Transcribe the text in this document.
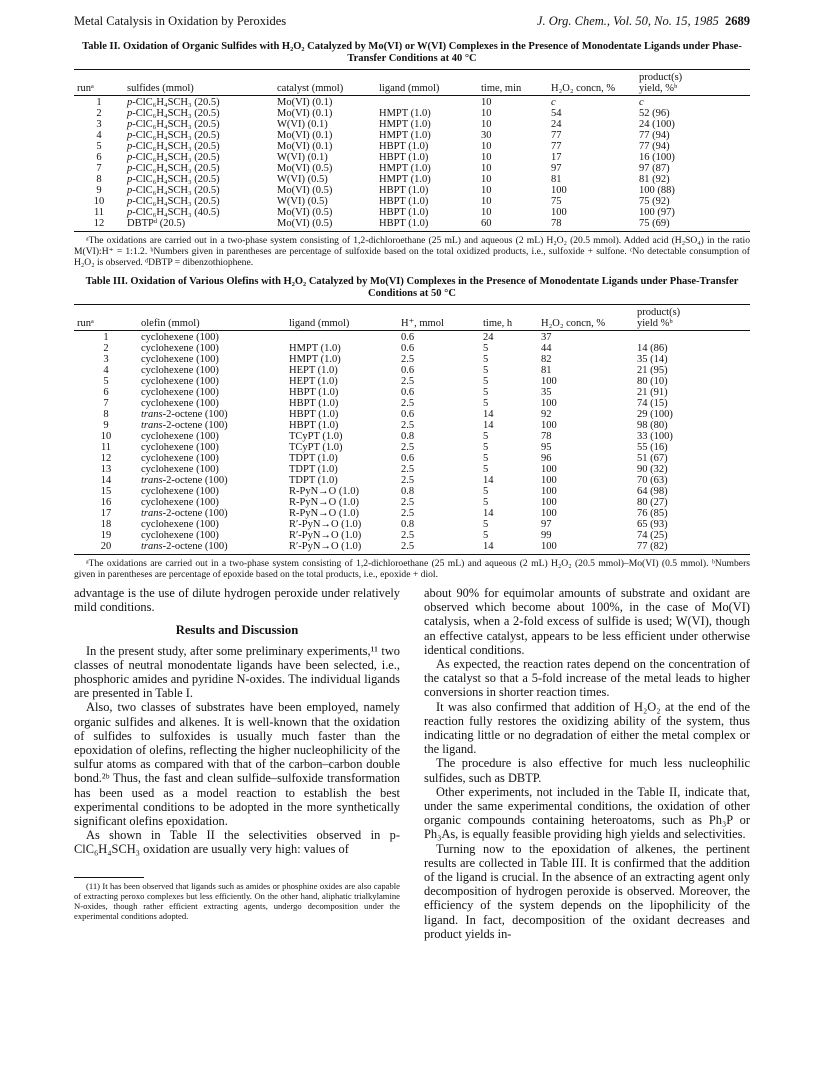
Metal Catalysis in Oxidation by Peroxides	J. Org. Chem., Vol. 50, No. 15, 1985 2689

Table II. Oxidation of Organic Sulfides with H₂O₂ Catalyzed by Mo(VI) or W(VI) Complexes in the Presence of Monodentate Ligands under Phase-Transfer Conditions at 40 °C

						product(s)
runᵃ	sulfides (mmol)	catalyst (mmol)	ligand (mmol)	time, min	H₂O₂ concn, %	yield, %ᵇ
1	p-ClC₆H₄SCH₃ (20.5)	Mo(VI) (0.1)		10	c	c
2	p-ClC₆H₄SCH₃ (20.5)	Mo(VI) (0.1)	HMPT (1.0)	10	54	52 (96)
3	p-ClC₆H₄SCH₃ (20.5)	W(VI) (0.1)	HMPT (1.0)	10	24	24 (100)
4	p-ClC₆H₄SCH₃ (20.5)	Mo(VI) (0.1)	HMPT (1.0)	30	77	77 (94)
5	p-ClC₆H₄SCH₃ (20.5)	Mo(VI) (0.1)	HBPT (1.0)	10	77	77 (94)
6	p-ClC₆H₄SCH₃ (20.5)	W(VI) (0.1)	HBPT (1.0)	10	17	16 (100)
7	p-ClC₆H₄SCH₃ (20.5)	Mo(VI) (0.5)	HMPT (1.0)	10	97	97 (87)
8	p-ClC₆H₄SCH₃ (20.5)	W(VI) (0.5)	HMPT (1.0)	10	81	81 (92)
9	p-ClC₆H₄SCH₃ (20.5)	Mo(VI) (0.5)	HBPT (1.0)	10	100	100 (88)
10	p-ClC₆H₄SCH₃ (20.5)	W(VI) (0.5)	HBPT (1.0)	10	75	75 (92)
11	p-ClC₆H₄SCH₃ (40.5)	Mo(VI) (0.5)	HBPT (1.0)	10	100	100 (97)
12	DBTPᵈ (20.5)	Mo(VI) (0.5)	HBPT (1.0)	60	78	75 (69)

ᵃThe oxidations are carried out in a two-phase system consisting of 1,2-dichloroethane (25 mL) and aqueous (2 mL) H₂O₂ (20.5 mmol). Added acid (H₂SO₄) in the ratio M(VI):H⁺ = 1:1.2. ᵇNumbers given in parentheses are percentage of sulfoxide based on the total oxidized products, i.e., sulfoxide + sulfone. ᶜNo detectable consumption of H₂O₂ is observed. ᵈDBTP = dibenzothiophene.

Table III. Oxidation of Various Olefins with H₂O₂ Catalyzed by Mo(VI) Complexes in the Presence of Monodentate Ligands under Phase-Transfer Conditions at 50 °C

						product(s)
runᵃ	olefin (mmol)	ligand (mmol)	H⁺, mmol	time, h	H₂O₂ concn, %	yield %ᵇ
1	cyclohexene (100)		0.6	24	37	
2	cyclohexene (100)	HMPT (1.0)	0.6	5	44	14 (86)
3	cyclohexene (100)	HMPT (1.0)	2.5	5	82	35 (14)
4	cyclohexene (100)	HEPT (1.0)	0.6	5	81	21 (95)
5	cyclohexene (100)	HEPT (1.0)	2.5	5	100	80 (10)
6	cyclohexene (100)	HBPT (1.0)	0.6	5	35	21 (91)
7	cyclohexene (100)	HBPT (1.0)	2.5	5	100	74 (15)
8	trans-2-octene (100)	HBPT (1.0)	0.6	14	92	29 (100)
9	trans-2-octene (100)	HBPT (1.0)	2.5	14	100	98 (80)
10	cyclohexene (100)	TCyPT (1.0)	0.8	5	78	33 (100)
11	cyclohexene (100)	TCyPT (1.0)	2.5	5	95	55 (16)
12	cyclohexene (100)	TDPT (1.0)	0.6	5	96	51 (67)
13	cyclohexene (100)	TDPT (1.0)	2.5	5	100	90 (32)
14	trans-2-octene (100)	TDPT (1.0)	2.5	14	100	70 (63)
15	cyclohexene (100)	R-PyN→O (1.0)	0.8	5	100	64 (98)
16	cyclohexene (100)	R-PyN→O (1.0)	2.5	5	100	80 (27)
17	trans-2-octene (100)	R-PyN→O (1.0)	2.5	14	100	76 (85)
18	cyclohexene (100)	R′-PyN→O (1.0)	0.8	5	97	65 (93)
19	cyclohexene (100)	R′-PyN→O (1.0)	2.5	5	99	74 (25)
20	trans-2-octene (100)	R′-PyN→O (1.0)	2.5	14	100	77 (82)

ᵃThe oxidations are carried out in a two-phase system consisting of 1,2-dichloroethane (25 mL) and aqueous (2 mL) H₂O₂ (20.5 mmol)–Mo(VI) (0.5 mmol). ᵇNumbers given in parentheses are percentage of epoxide based on the total products, i.e., epoxide + diol.

advantage is the use of dilute hydrogen peroxide under relatively mild conditions.

Results and Discussion

In the present study, after some preliminary experiments,¹¹ two classes of neutral monodentate ligands have been selected, i.e., phosphoric amides and pyridine N-oxides. The individual ligands are presented in Table I.

Also, two classes of substrates have been employed, namely organic sulfides and alkenes. It is well-known that the oxidation of sulfides to sulfoxides is usually much faster than the epoxidation of olefins, reflecting the higher nucleophilicity of the sulfur atoms as compared with that of the carbon–carbon double bond.²ᵇ Thus, the fast and clean sulfide–sulfoxide transformation has been used as a model reaction to establish the best experimental conditions to be adopted in the more synthetically significant olefins epoxidation.

As shown in Table II the selectivities observed in p-ClC₆H₄SCH₃ oxidation are usually very high: values of

(11) It has been observed that ligands such as amides or phosphine oxides are also capable of extracting peroxo complexes but less efficiently. On the other hand, aliphatic trialkylamine N-oxides, though rather efficient extracting agents, undergo decomposition under the experimental conditions adopted.

about 90% for equimolar amounts of substrate and oxidant are observed which become about 100%, in the case of Mo(VI) catalysis, when a 2-fold excess of sulfide is used; W(VI), though an effective catalyst, appears to be less efficient under otherwise identical conditions.

As expected, the reaction rates depend on the concentration of the catalyst so that a 5-fold increase of the metal leads to higher conversions in shorter reaction times.

It was also confirmed that addition of H₂O₂ at the end of the reaction fully restores the oxidizing ability of the system, thus indicating little or no degradation of either the metal complex or the ligand.

The procedure is also effective for much less nucleophilic sulfides, such as DBTP.

Other experiments, not included in the Table II, indicate that, under the same experimental conditions, the oxidation of other organic compounds containing heteroatoms, such as Ph₃P or Ph₃As, is equally feasible providing high yields and selectivities.

Turning now to the epoxidation of alkenes, the pertinent results are collected in Table III. It is confirmed that the addition of the ligand is crucial. In the absence of an extracting agent only decomposition of hydrogen peroxide is observed. Moreover, the efficiency of the system depends on the lipophilicity of the ligand. In fact, decomposition of the oxidant decreases and product yields in-
